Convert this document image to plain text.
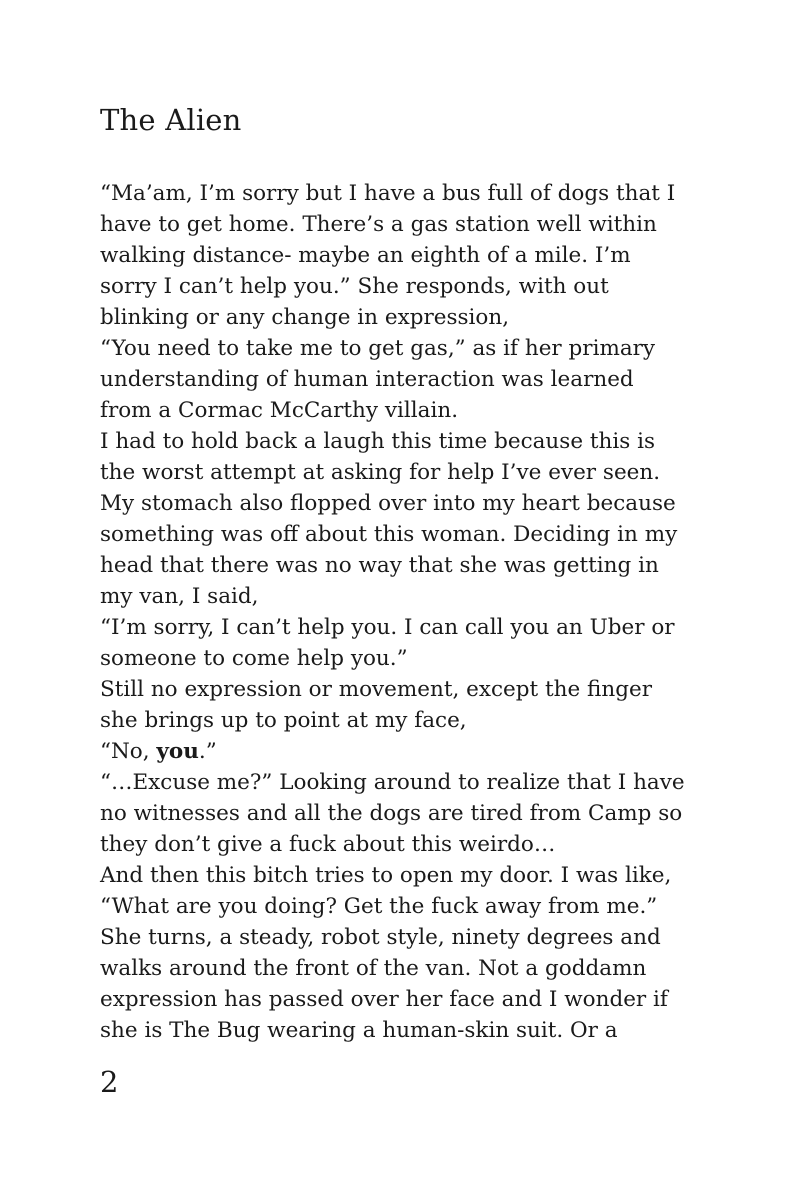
The Alien
“Ma’am, I’m sorry but I have a bus full of dogs that I
have to get home. There’s a gas station well within
walking distance- maybe an eighth of a mile. I’m
sorry I can’t help you.” She responds, with out
blinking or any change in expression,
“You need to take me to get gas,” as if her primary
understanding of human interaction was learned
from a Cormac McCarthy villain.
I had to hold back a laugh this time because this is
the worst attempt at asking for help I’ve ever seen.
My stomach also flopped over into my heart because
something was off about this woman. Deciding in my
head that there was no way that she was getting in
my van, I said,
“I’m sorry, I can’t help you. I can call you an Uber or
someone to come help you.”
Still no expression or movement, except the finger
she brings up to point at my face,
“No, you.”
“…Excuse me?” Looking around to realize that I have
no witnesses and all the dogs are tired from Camp so
they don’t give a fuck about this weirdo…
And then this bitch tries to open my door. I was like,
“What are you doing? Get the fuck away from me.”
She turns, a steady, robot style, ninety degrees and
walks around the front of the van. Not a goddamn
expression has passed over her face and I wonder if
she is The Bug wearing a human-skin suit. Or a
2
